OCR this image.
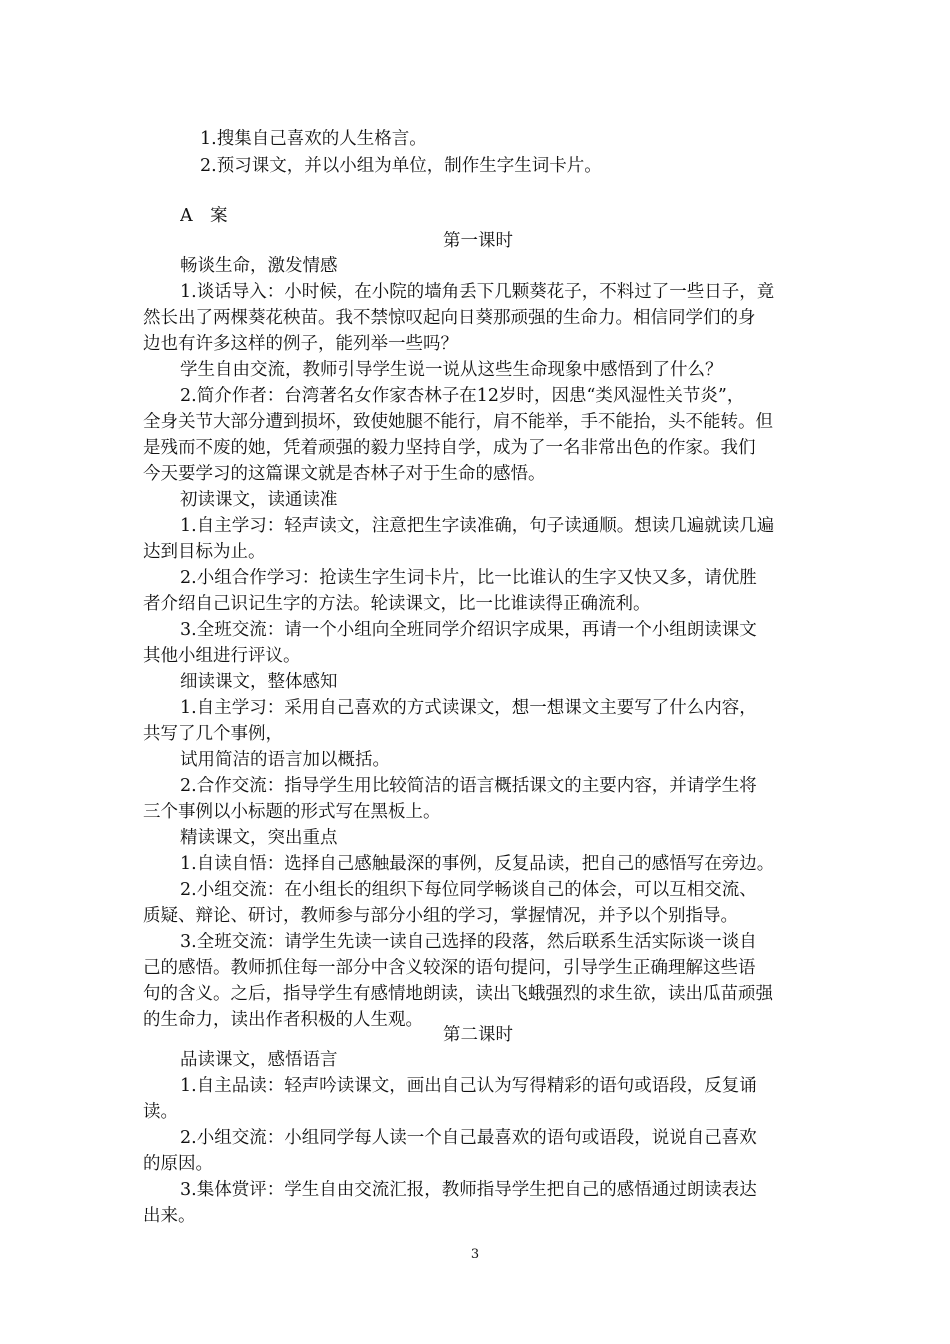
1.搜集自己喜欢的人生格言。
2.预习课文，并以小组为单位，制作生字生词卡片。
A　案
第一课时
畅谈生命，激发情感
1.谈话导入：小时候，在小院的墙角丢下几颗葵花子，不料过了一些日子，竟
然长出了两棵葵花秧苗。我不禁惊叹起向日葵那顽强的生命力。相信同学们的身
边也有许多这样的例子，能列举一些吗？
学生自由交流，教师引导学生说一说从这些生命现象中感悟到了什么？
2.简介作者：台湾著名女作家杏林子在12岁时，因患“类风湿性关节炎”，
全身关节大部分遭到损坏，致使她腿不能行，肩不能举，手不能抬，头不能转。但
是残而不废的她，凭着顽强的毅力坚持自学，成为了一名非常出色的作家。我们
今天要学习的这篇课文就是杏林子对于生命的感悟。
初读课文，读通读准
1.自主学习：轻声读文，注意把生字读准确，句子读通顺。想读几遍就读几遍
达到目标为止。
2.小组合作学习：抢读生字生词卡片，比一比谁认的生字又快又多，请优胜
者介绍自己识记生字的方法。轮读课文，比一比谁读得正确流利。
3.全班交流：请一个小组向全班同学介绍识字成果，再请一个小组朗读课文
其他小组进行评议。
细读课文，整体感知
1.自主学习：采用自己喜欢的方式读课文，想一想课文主要写了什么内容，
共写了几个事例，
试用简洁的语言加以概括。
2.合作交流：指导学生用比较简洁的语言概括课文的主要内容，并请学生将
三个事例以小标题的形式写在黑板上。
精读课文，突出重点
1.自读自悟：选择自己感触最深的事例，反复品读，把自己的感悟写在旁边。
2.小组交流：在小组长的组织下每位同学畅谈自己的体会，可以互相交流、
质疑、辩论、研讨，教师参与部分小组的学习，掌握情况，并予以个别指导。
3.全班交流：请学生先读一读自己选择的段落，然后联系生活实际谈一谈自
己的感悟。教师抓住每一部分中含义较深的语句提问，引导学生正确理解这些语
句的含义。之后，指导学生有感情地朗读，读出飞蛾强烈的求生欲，读出瓜苗顽强
的生命力，读出作者积极的人生观。
第二课时
品读课文，感悟语言
1.自主品读：轻声吟读课文，画出自己认为写得精彩的语句或语段，反复诵
读。
2.小组交流：小组同学每人读一个自己最喜欢的语句或语段，说说自己喜欢
的原因。
3.集体赏评：学生自由交流汇报，教师指导学生把自己的感悟通过朗读表达
出来。
3
